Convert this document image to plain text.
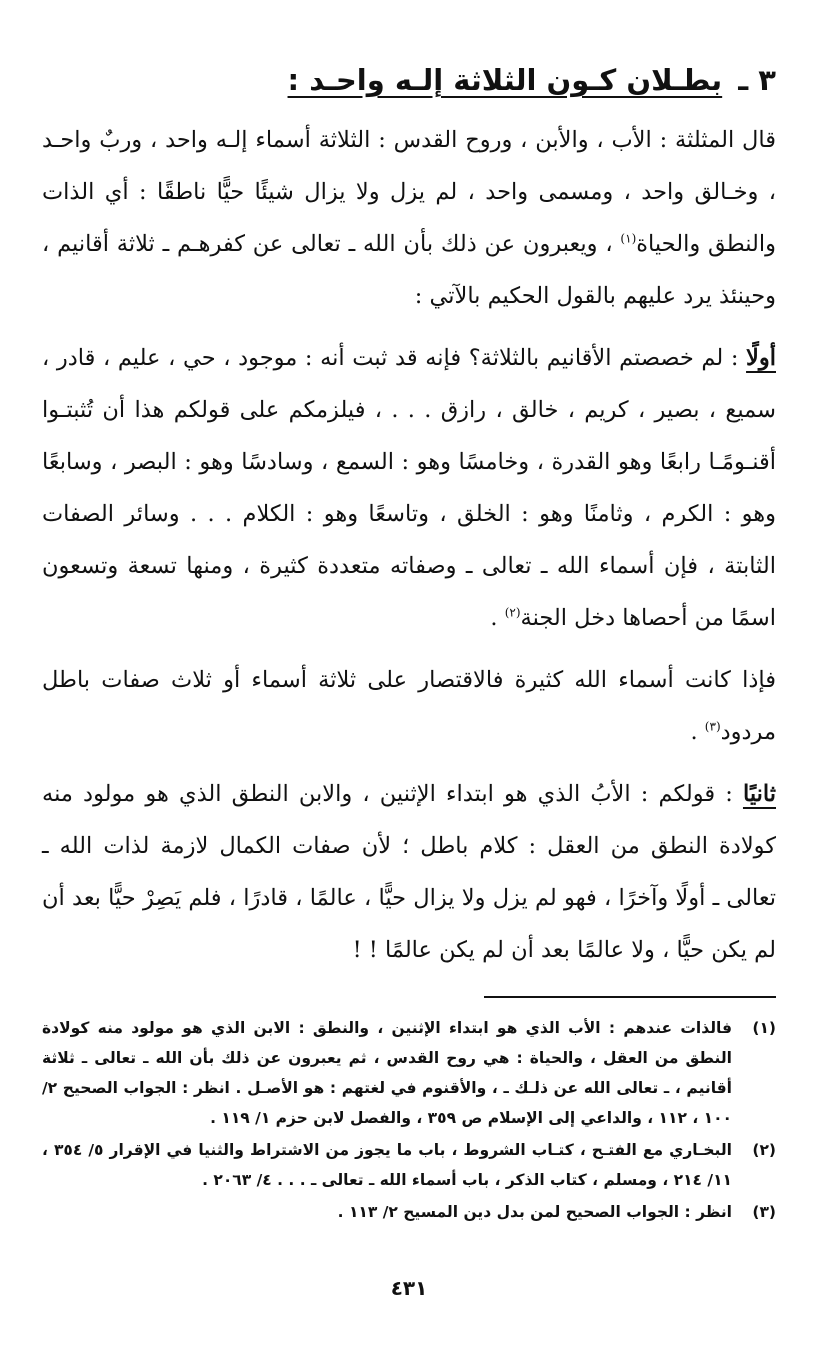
٣ ـ بطـلان كـون الثلاثة إلـه واحـد :

قال المثلثة : الأب ، والأبن ، وروح القدس : الثلاثة أسماء إلـه واحد ، وربٌ واحـد ، وخـالق واحد ، ومسمى واحد ، لم يزل ولا يزال شيئًا حيًّا ناطقًا : أي الذات والنطق والحياة$^{(١)}$ ، ويعبرون عن ذلك بأن الله ـ تعالى عن كفرهـم ـ ثلاثة أقانيم ، وحينئذ يرد عليهم بالقول الحكيم بالآتي :

أولًا : لم خصصتم الأقانيم بالثلاثة؟ فإنه قد ثبت أنه : موجود ، حي ، عليم ، قادر ، سميع ، بصير ، كريم ، خالق ، رازق . . . ، فيلزمكم على قولكم هذا أن تُثبتـوا أقنـومًـا رابعًا وهو القدرة ، وخامسًا وهو : السمع ، وسادسًا وهو : البصر ، وسابعًا وهو : الكرم ، وثامنًا وهو : الخلق ، وتاسعًا وهو : الكلام . . . وسائر الصفات الثابتة ، فإن أسماء الله ـ تعالى ـ وصفاته متعددة كثيرة ، ومنها تسعة وتسعون اسمًا من أحصاها دخل الجنة$^{(٢)}$ .

فإذا كانت أسماء الله كثيرة فالاقتصار على ثلاثة أسماء أو ثلاث صفات باطل مردود$^{(٣)}$ .

ثانيًا : قولكم : الأبُ الذي هو ابتداء الإثنين ، والابن النطق الذي هو مولود منه كولادة النطق من العقل : كلام باطل ؛ لأن صفات الكمال لازمة لذات الله ـ تعالى ـ أولًا وآخرًا ، فهو لم يزل ولا يزال حيًّا ، عالمًا ، قادرًا ، فلم يَصِرْ حيًّا بعد أن لم يكن حيًّا ، ولا عالمًا بعد أن لم يكن عالمًا ! !

(١)
فالذات عندهم : الأب الذي هو ابتداء الإثنين ، والنطق : الابن الذي هو مولود منه كولادة النطق من العقل ، والحياة : هي روح القدس ، ثم يعبرون عن ذلك بأن الله ـ تعالى ـ ثلاثة أقانيم ، ـ تعالى الله عن ذلـك ـ ، والأقنوم في لغتهم : هو الأصـل . انظر : الجواب الصحيح ٢/ ١٠٠ ، ١١٢ ، والداعي إلى الإسلام ص ٣٥٩ ، والفصل لابن حزم ١/ ١١٩ .
(٢)
البخـاري مع الفتـح ، كتـاب الشروط ، باب ما يجوز من الاشتراط والثنيا في الإقرار ٥/ ٣٥٤ ، ١١/ ٢١٤ ، ومسلم ، كتاب الذكر ، باب أسماء الله ـ تعالى ـ . . . ٤/ ٢٠٦٣ .
(٣)
انظر : الجواب الصحيح لمن بدل دين المسيح ٢/ ١١٣ .
٤٣١
